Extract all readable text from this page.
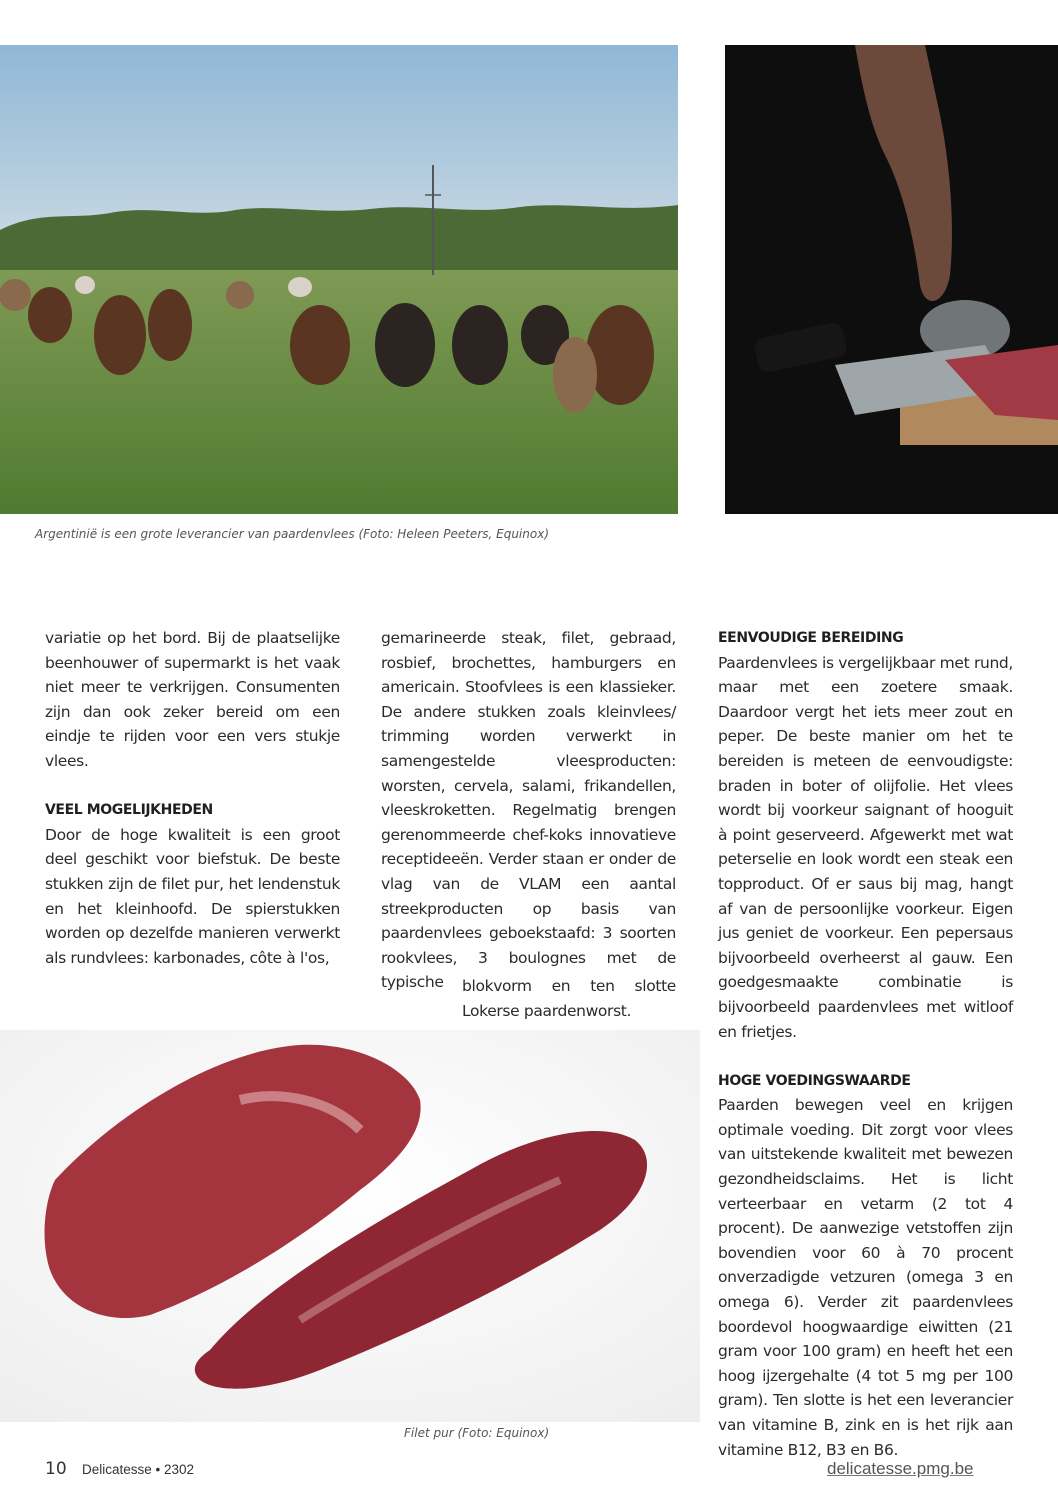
Argentinië is een grote leverancier van paardenvlees (Foto: Heleen Peeters, Equinox)

variatie op het bord. Bij de plaatselijke beenhouwer of supermarkt is het vaak niet meer te verkrijgen. Consumenten zijn dan ook zeker bereid om een eindje te rijden voor een vers stukje vlees.

VEEL MOGELIJKHEDEN

Door de hoge kwaliteit is een groot deel geschikt voor biefstuk. De beste stukken zijn de filet pur, het lendenstuk en het kleinhoofd. De spierstukken worden op dezelfde manieren verwerkt als rundvlees: karbonades, côte à l'os,

gemarineerde steak, filet, gebraad, rosbief, brochettes, hamburgers en americain. Stoofvlees is een klassieker. De andere stukken zoals kleinvlees/ trimming worden verwerkt in samengestelde vleesproducten: worsten, cervela, salami, frikandellen, vleeskroketten. Regelmatig brengen gerenommeerde chef-koks innovatieve receptideeën. Verder staan er onder de vlag van de VLAM een aantal streekproducten op basis van paardenvlees geboekstaafd: 3 soorten rookvlees, 3 boulognes met de typische	blokvorm en ten slotte Lokerse paardenworst.

Filet pur (Foto: Equinox)
EENVOUDIGE BEREIDING

Paardenvlees is vergelijkbaar met rund, maar met een zoetere smaak. Daardoor vergt het iets meer zout en peper. De beste manier om het te bereiden is meteen de eenvoudigste: braden in boter of olijfolie. Het vlees wordt bij voorkeur saignant of hooguit à point geserveerd. Afgewerkt met wat peterselie en look wordt een steak een topproduct. Of er saus bij mag, hangt af van de persoonlijke voorkeur. Eigen jus geniet de voorkeur. Een pepersaus bijvoorbeeld overheerst al gauw. Een goedgesmaakte combinatie is bijvoorbeeld paardenvlees met witloof en frietjes.

HOGE VOEDINGSWAARDE

Paarden bewegen veel en krijgen optimale voeding. Dit zorgt voor vlees van uitstekende kwaliteit met bewezen gezondheidsclaims. Het is licht verteerbaar en vetarm (2 tot 4 procent). De aanwezige vetstoffen zijn bovendien voor 60 à 70 procent onverzadigde vetzuren (omega 3 en omega 6). Verder zit paardenvlees boordevol hoogwaardige eiwitten (21 gram voor 100 gram) en heeft het een hoog ijzergehalte (4 tot 5 mg per 100 gram). Ten slotte is het een leverancier van vitamine B, zink en is het rijk aan vitamine B12, B3 en B6.

10 Delicatesse • 2302	delicatesse.pmg.be
